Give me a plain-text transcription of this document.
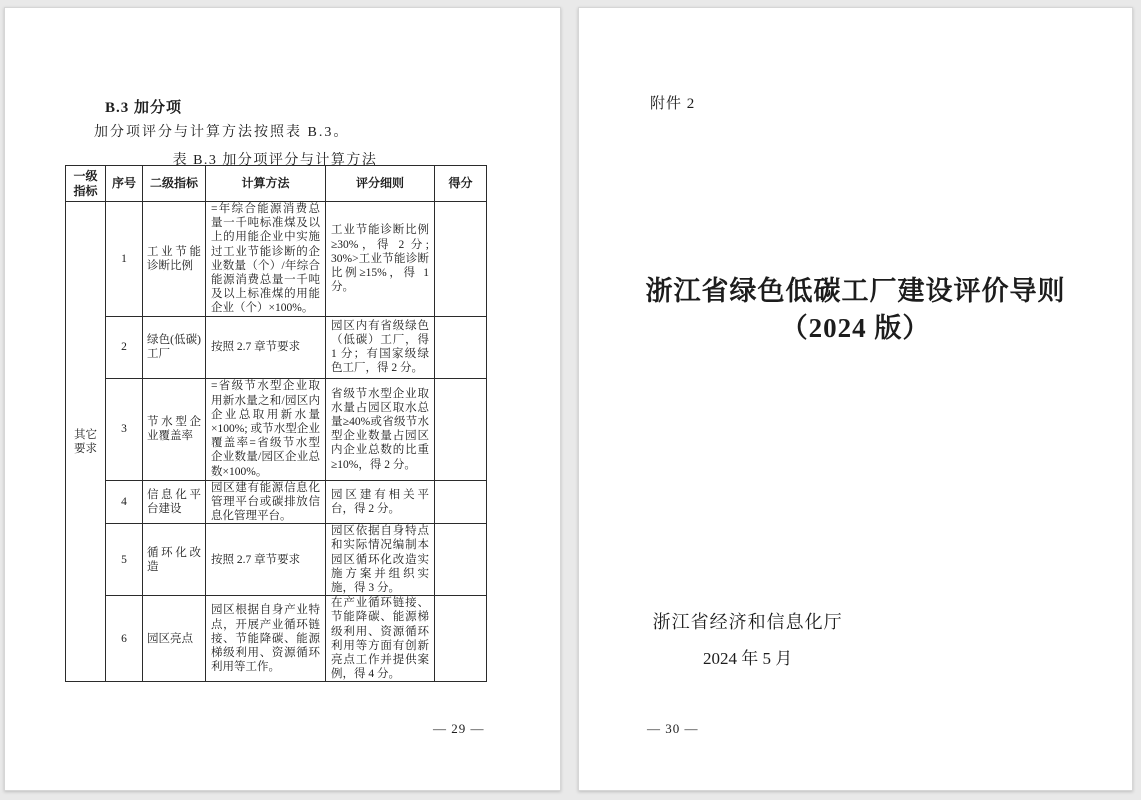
B.3 加分项
加分项评分与计算方法按照表 B.3。
表 B.3 加分项评分与计算方法
一级指标	序号	二级指标	计算方法	评分细则	得分
其它要求	1	工业节能诊断比例	=年综合能源消费总量一千吨标准煤及以上的用能企业中实施过工业节能诊断的企业数量（个）/年综合能源消费总量一千吨及以上标准煤的用能企业（个）×100%。	工业节能诊断比例≥30%，得 2 分; 30%>工业节能诊断比例≥15%，得 1 分。	
	2	绿色(低碳)工厂	按照 2.7 章节要求	园区内有省级绿色（低碳）工厂，得 1 分；有国家级绿色工厂，得 2 分。	
	3	节水型企业覆盖率	=省级节水型企业取用新水量之和/园区内企业总取用新水量×100%; 或节水型企业覆盖率=省级节水型企业数量/园区企业总数×100%。	省级节水型企业取水量占园区取水总量≥40%或省级节水型企业数量占园区内企业总数的比重≥10%，得 2 分。	
	4	信息化平台建设	园区建有能源信息化管理平台或碳排放信息化管理平台。	园区建有相关平台，得 2 分。	
	5	循环化改造	按照 2.7 章节要求	园区依据自身特点和实际情况编制本园区循环化改造实施方案并组织实施，得 3 分。	
	6	园区亮点	园区根据自身产业特点，开展产业循环链接、节能降碳、能源梯级利用、资源循环利用等工作。	在产业循环链接、节能降碳、能源梯级利用、资源循环利用等方面有创新亮点工作并提供案例，得 4 分。	
— 29 —
附件 2
浙江省绿色低碳工厂建设评价导则
（2024 版）
浙江省经济和信息化厅
2024 年 5 月
— 30 —
